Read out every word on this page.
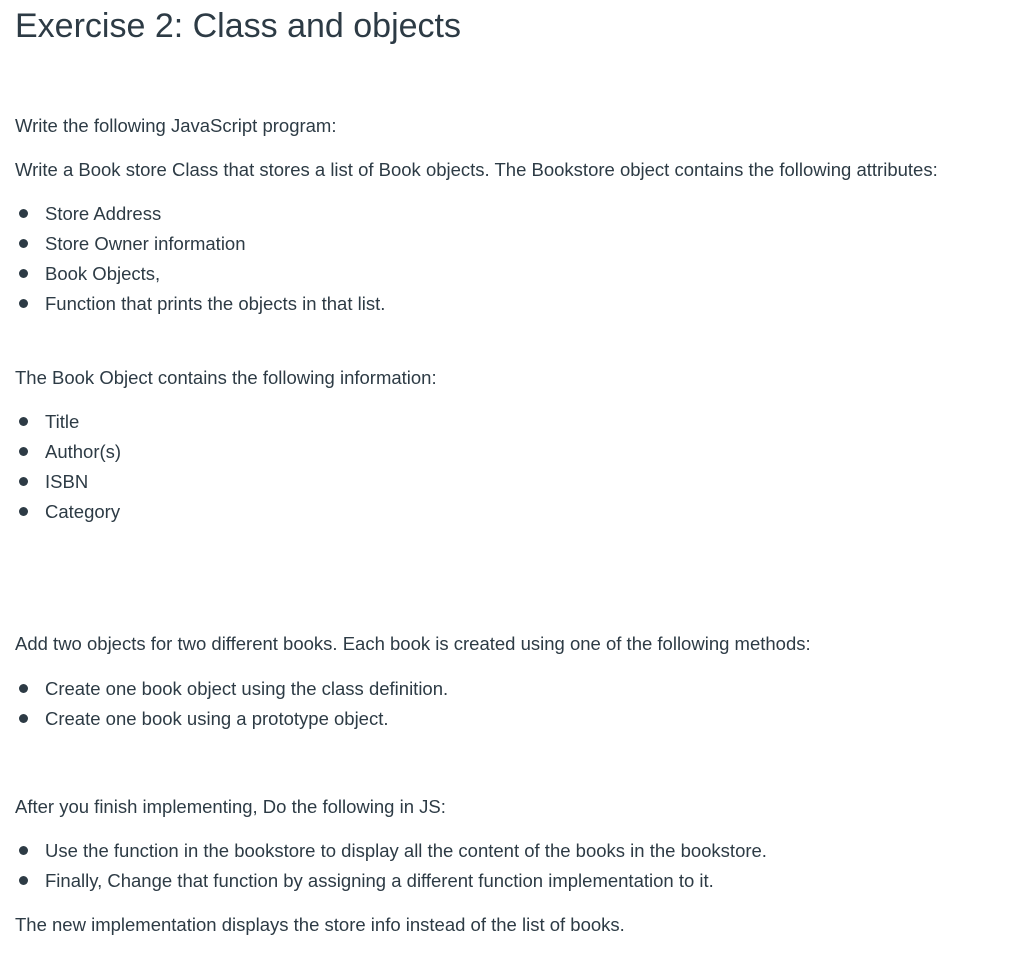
Exercise 2: Class and objects

Write the following JavaScript program:

Write a Book store Class that stores a list of Book objects. The Bookstore object contains the following attributes:

Store Address
Store Owner information
Book Objects,
Function that prints the objects in that list.

The Book Object contains the following information:

Title
Author(s)
ISBN
Category

Add two objects for two different books. Each book is created using one of the following methods:

Create one book object using the class definition.
Create one book using a prototype object.

After you finish implementing, Do the following in JS:

Use the function in the bookstore to display all the content of the books in the bookstore.
Finally, Change that function by assigning a different function implementation to it.

The new implementation displays the store info instead of the list of books.
